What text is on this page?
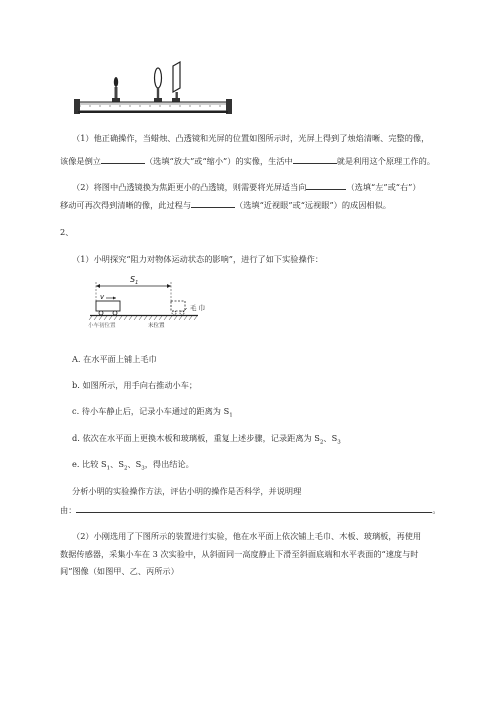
（1）他正确操作，当蜡烛、凸透镜和光屏的位置如图所示时，光屏上得到了烛焰清晰、完整的像，
该像是倒立	（选填“放大”或“缩小”）的实像，生活中	就是利用这个原理工作的。
（2）将图中凸透镜换为焦距更小的凸透镜，则需要将光屏适当向	（选填“左”或“右”）
移动可再次得到清晰的像，此过程与	（选填“近视眼”或“远视眼”）的成因相似。
2、
（1）小明探究“阻力对物体运动状态的影响”，进行了如下实验操作：
$S_1$
v
毛 巾
小车初位置	末位置
A. 在水平面上铺上毛巾
b. 如图所示，用手向右推动小车；
c. 待小车静止后，记录小车通过的距离为 $S_1$
d. 依次在水平面上更换木板和玻璃板，重复上述步骤，记录距离为 $S_2$、$S_3$
e. 比较 $S_1$、$S_2$、$S_3$，得出结论。
分析小明的实验操作方法，评估小明的操作是否科学，并说明理
由：	。
（2）小刚选用了下图所示的装置进行实验，他在水平面上依次铺上毛巾、木板、玻璃板，再使用
数据传感器，采集小车在 3 次实验中，从斜面同一高度静止下滑至斜面底端和水平表面的“速度与时
间”图像（如图甲、乙、丙所示）
